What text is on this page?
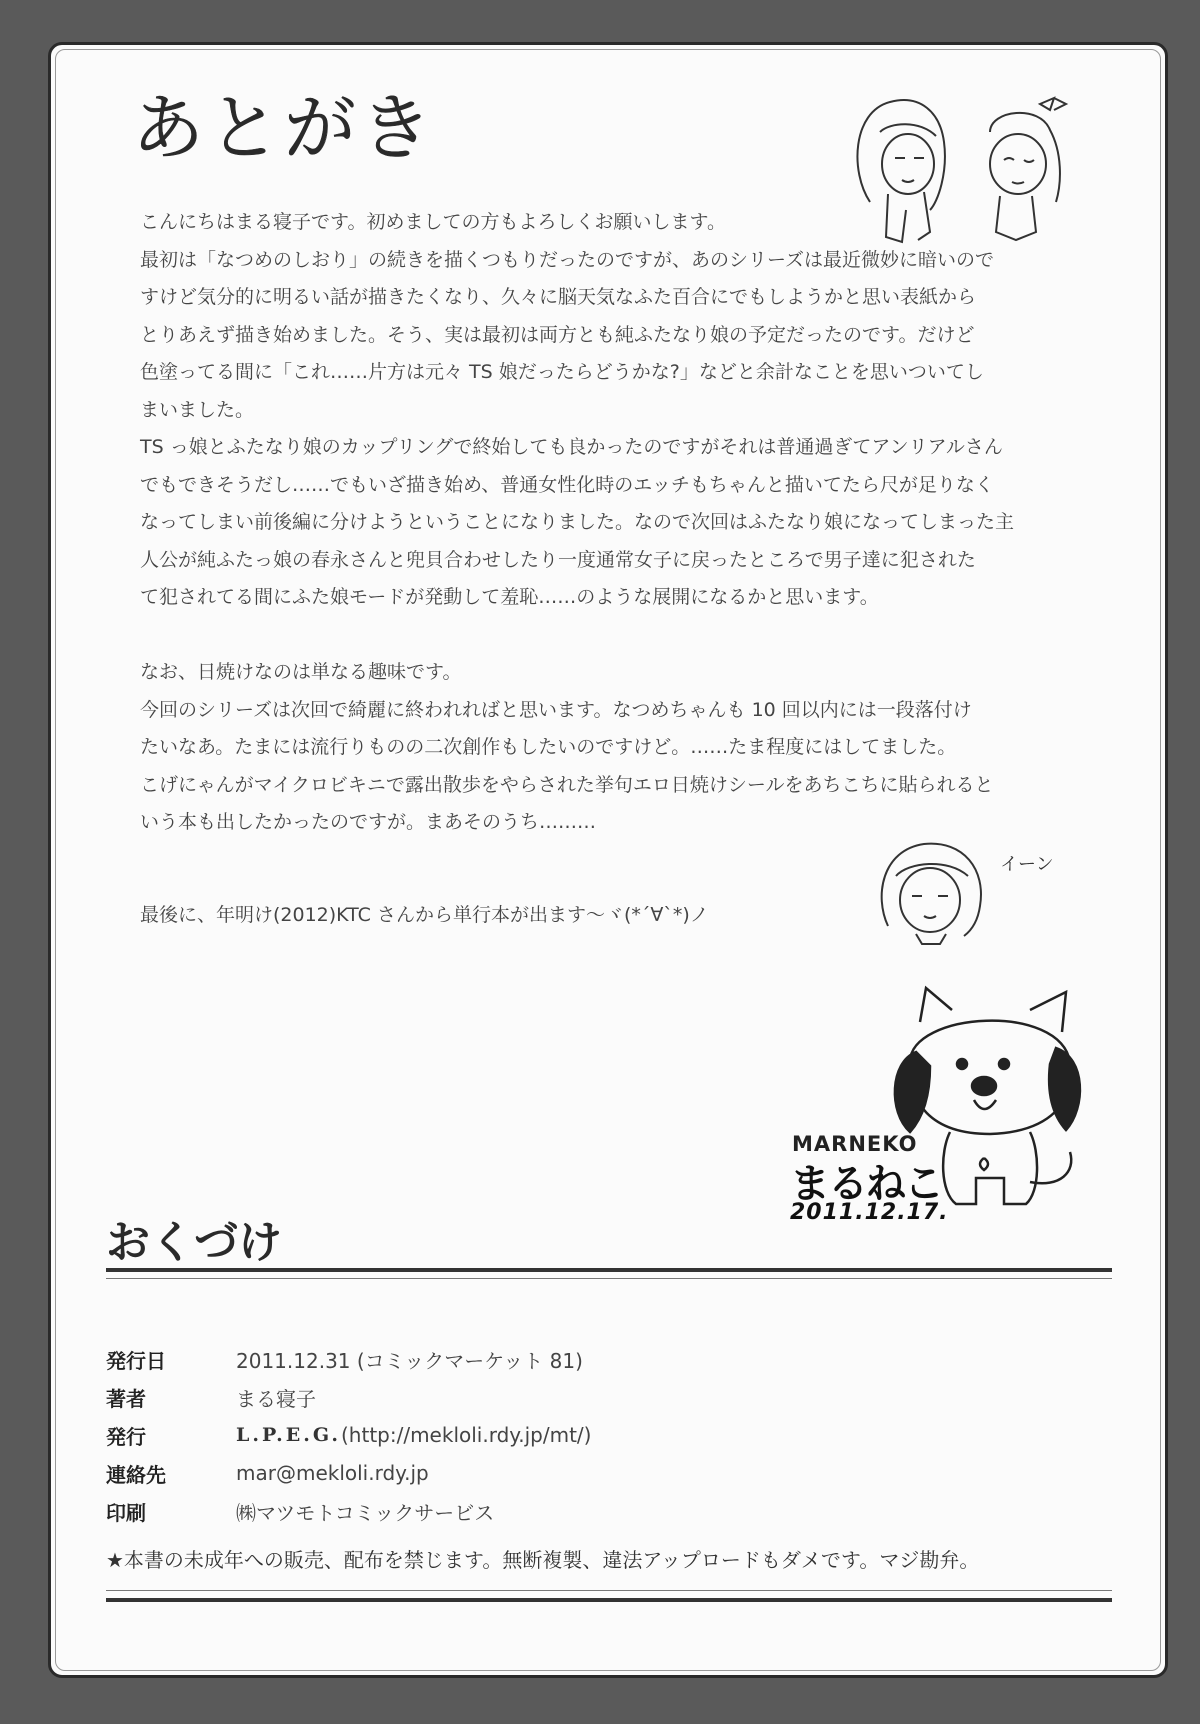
あとがき

こんにちはまる寝子です。初めましての方もよろしくお願いします。

最初は「なつめのしおり」の続きを描くつもりだったのですが、あのシリーズは最近微妙に暗いので

すけど気分的に明るい話が描きたくなり、久々に脳天気なふた百合にでもしようかと思い表紙から

とりあえず描き始めました。そう、実は最初は両方とも純ふたなり娘の予定だったのです。だけど

色塗ってる間に「これ……片方は元々 TS 娘だったらどうかな?」などと余計なことを思いついてし

まいました。

TS っ娘とふたなり娘のカップリングで終始しても良かったのですがそれは普通過ぎてアンリアルさん

でもできそうだし……でもいざ描き始め、普通女性化時のエッチもちゃんと描いてたら尺が足りなく

なってしまい前後編に分けようということになりました。なので次回はふたなり娘になってしまった主

人公が純ふたっ娘の春永さんと兜貝合わせしたり一度通常女子に戻ったところで男子達に犯された

て犯されてる間にふた娘モードが発動して羞恥……のような展開になるかと思います。

なお、日焼けなのは単なる趣味です。

今回のシリーズは次回で綺麗に終われればと思います。なつめちゃんも 10 回以内には一段落付け

たいなあ。たまには流行りものの二次創作もしたいのですけど。……たま程度にはしてました。

こげにゃんがマイクロビキニで露出散歩をやらされた挙句エロ日焼けシールをあちこちに貼られると

いう本も出したかったのですが。まあそのうち………

最後に、年明け(2012)KTC さんから単行本が出ます〜ヾ(*´∀`*)ノ
イーン
MARNEKO
まるねこ
2011.12.17.
おくづけ
発行日	2011.12.31 (コミックマーケット 81)
著者	まる寝子
発行	L.P.E.G. (http://mekloli.rdy.jp/mt/)
連絡先	mar@mekloli.rdy.jp
印刷	㈱マツモトコミックサービス
★本書の未成年への販売、配布を禁じます。無断複製、違法アップロードもダメです。マジ勘弁。
